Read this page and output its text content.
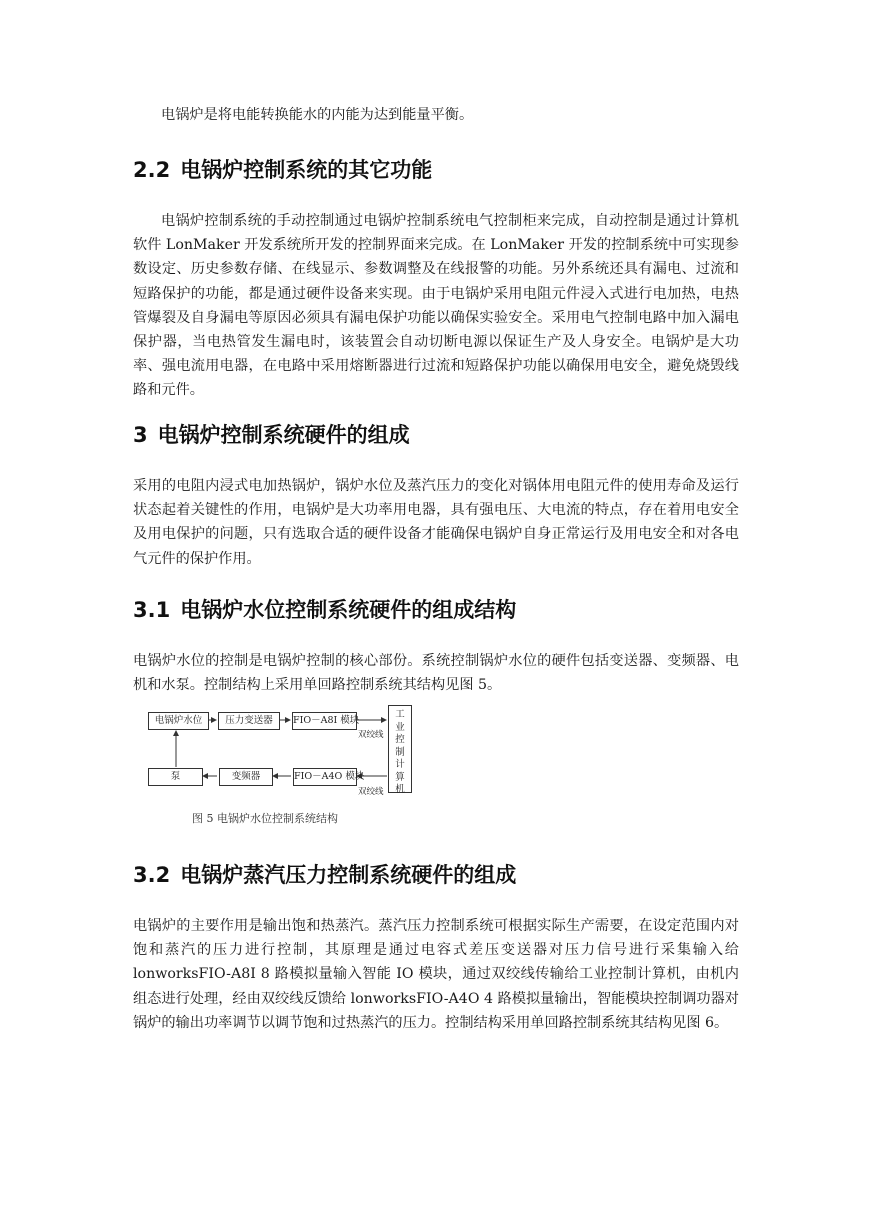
电锅炉是将电能转换能水的内能为达到能量平衡。

2.2 电锅炉控制系统的其它功能

电锅炉控制系统的手动控制通过电锅炉控制系统电气控制柜来完成，自动控制是通过计算机软件 LonMaker 开发系统所开发的控制界面来完成。在 LonMaker 开发的控制系统中可实现参数设定、历史参数存储、在线显示、参数调整及在线报警的功能。另外系统还具有漏电、过流和短路保护的功能，都是通过硬件设备来实现。由于电锅炉采用电阻元件浸入式进行电加热，电热管爆裂及自身漏电等原因必须具有漏电保护功能以确保实验安全。采用电气控制电路中加入漏电保护器，当电热管发生漏电时，该装置会自动切断电源以保证生产及人身安全。电锅炉是大功率、强电流用电器，在电路中采用熔断器进行过流和短路保护功能以确保用电安全，避免烧毁线路和元件。

3 电锅炉控制系统硬件的组成

采用的电阻内浸式电加热锅炉，锅炉水位及蒸汽压力的变化对锅体用电阻元件的使用寿命及运行状态起着关键性的作用，电锅炉是大功率用电器，具有强电压、大电流的特点，存在着用电安全及用电保护的问题，只有选取合适的硬件设备才能确保电锅炉自身正常运行及用电安全和对各电气元件的保护作用。

3.1 电锅炉水位控制系统硬件的组成结构

电锅炉水位的控制是电锅炉控制的核心部份。系统控制锅炉水位的硬件包括变送器、变频器、电机和水泵。控制结构上采用单回路控制系统其结构见图 5。

电锅炉水位	压力变送器	FIO－A8I 模块
工
业
控
制
计
算
机
双绞线
泵	变频器	FIO－A4O 模块
双绞线
图 5 电锅炉水位控制系统结构
3.2 电锅炉蒸汽压力控制系统硬件的组成

电锅炉的主要作用是输出饱和热蒸汽。蒸汽压力控制系统可根据实际生产需要，在设定范围内对饱和蒸汽的压力进行控制，其原理是通过电容式差压变送器对压力信号进行采集输入给 lonworksFIO-A8I 8 路模拟量输入智能 IO 模块，通过双绞线传输给工业控制计算机，由机内组态进行处理，经由双绞线反馈给 lonworksFIO-A4O 4 路模拟量输出，智能模块控制调功器对锅炉的输出功率调节以调节饱和过热蒸汽的压力。控制结构采用单回路控制系统其结构见图 6。
